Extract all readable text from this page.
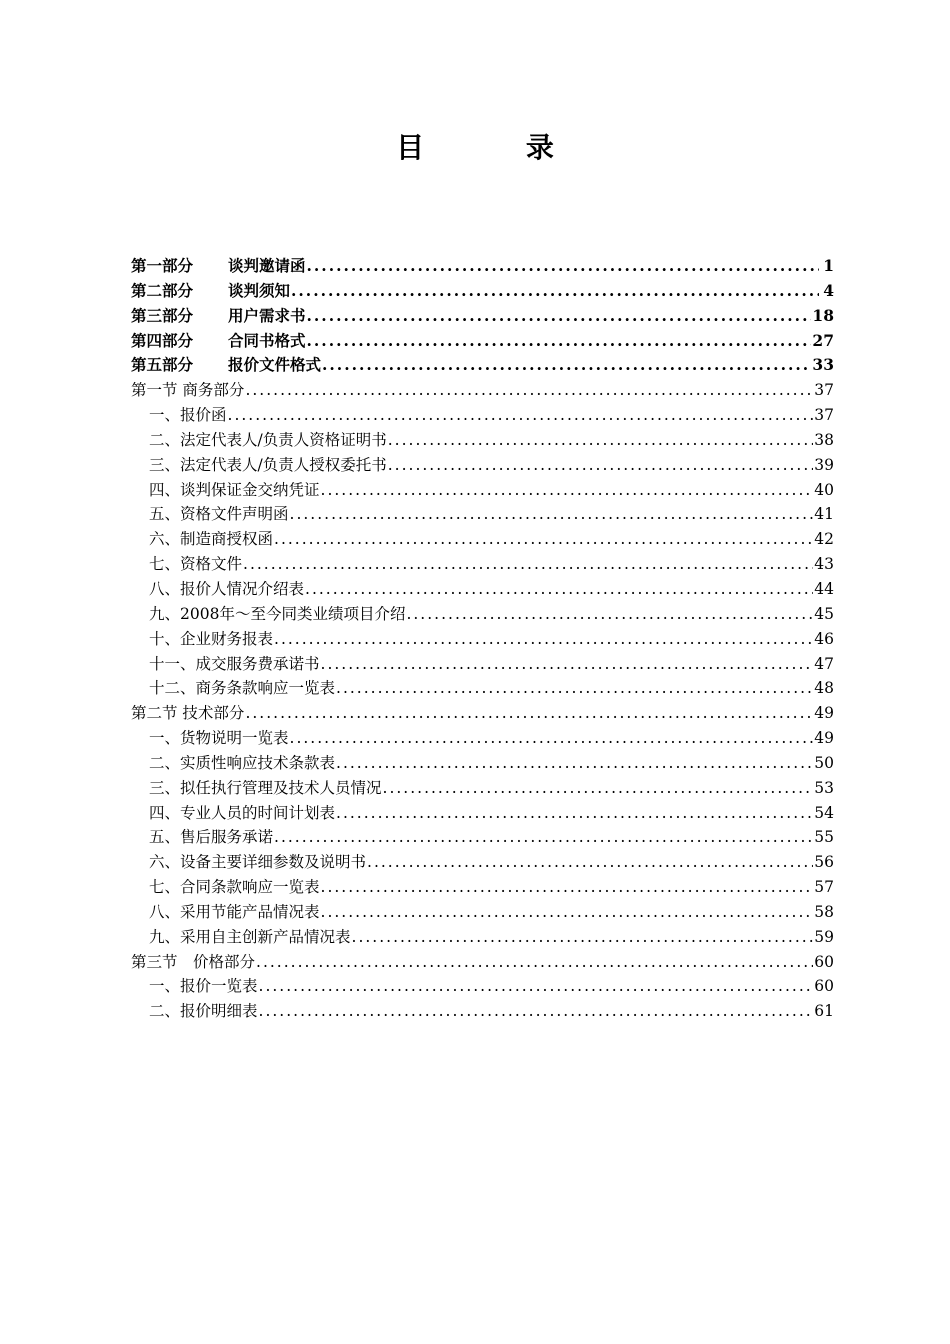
目 录
第一部分 谈判邀请函 .....	1
第二部分 谈判须知 .....	4
第三部分 用户需求书 .....	18
第四部分 合同书格式 .....	27
第五部分 报价文件格式 .....	33
第一节 商务部分 .....	37
一、报价函 .....	37
二、法定代表人/负责人资格证明书 .....	38
三、法定代表人/负责人授权委托书 .....	39
四、谈判保证金交纳凭证 .....	40
五、资格文件声明函 .....	41
六、制造商授权函 .....	42
七、资格文件 .....	43
八、报价人情况介绍表 .....	44
九、2008年～至今同类业绩项目介绍 .....	45
十、企业财务报表 .....	46
十一、成交服务费承诺书 .....	47
十二、商务条款响应一览表 .....	48
第二节 技术部分 .....	49
一、货物说明一览表 .....	49
二、实质性响应技术条款表 .....	50
三、拟任执行管理及技术人员情况 .....	53
四、专业人员的时间计划表 .....	54
五、售后服务承诺 .....	55
六、设备主要详细参数及说明书 .....	56
七、合同条款响应一览表 .....	57
八、采用节能产品情况表 .....	58
九、采用自主创新产品情况表 .....	59
第三节　价格部分 .....	60
一、报价一览表 .....	60
二、报价明细表 .....	61
